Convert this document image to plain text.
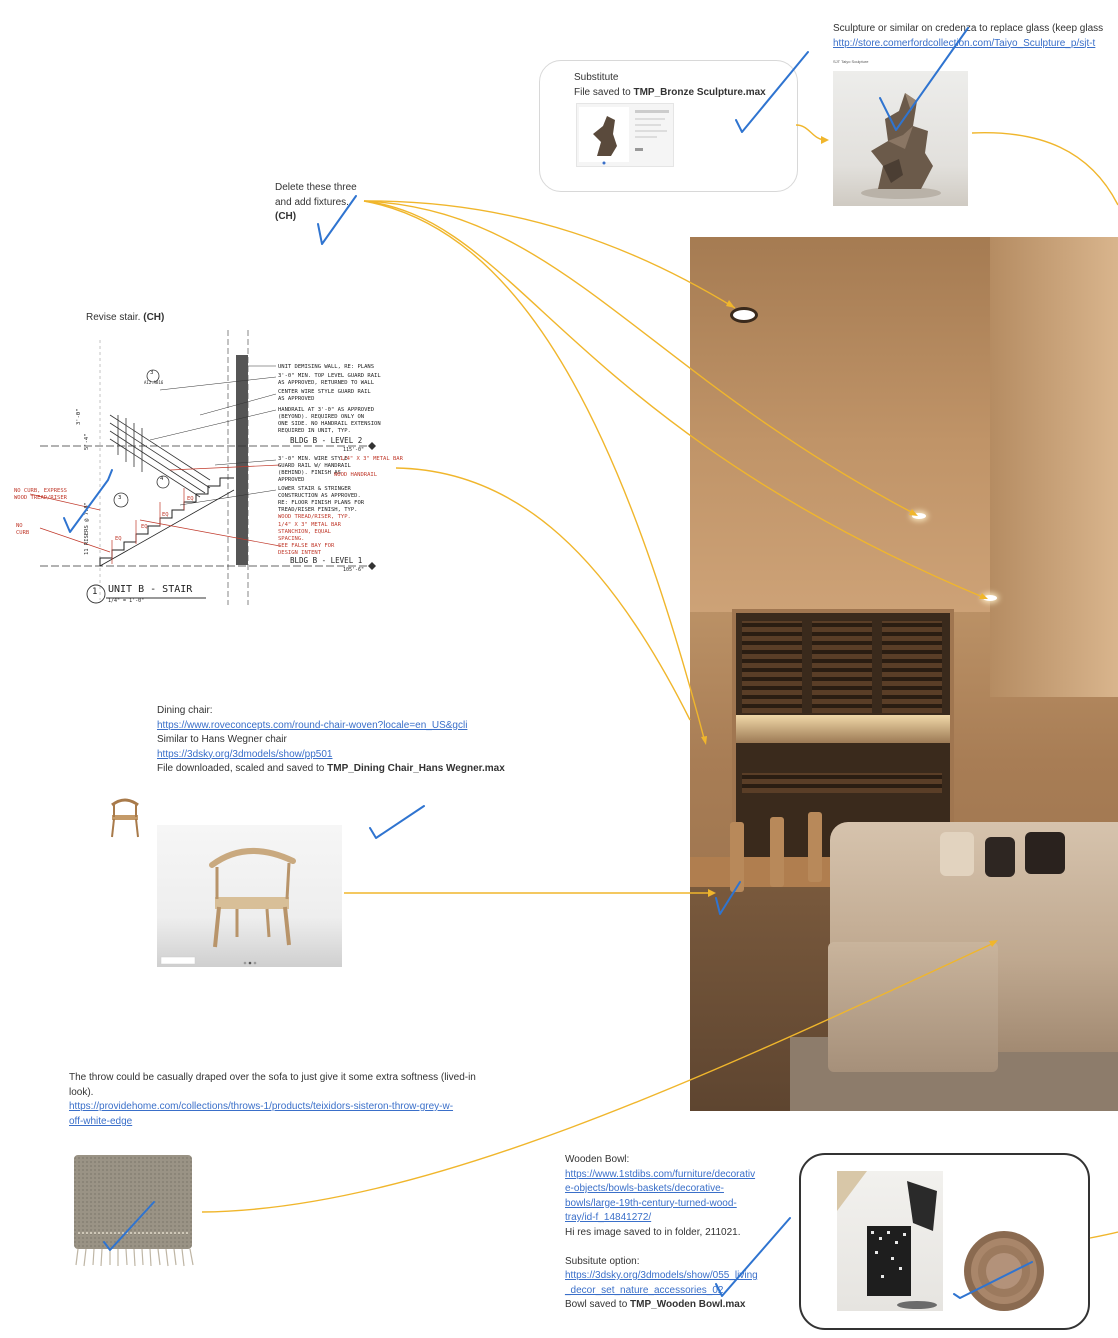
Sculpture or similar on credenza to replace glass (keep glass
http://store.comerfordcollection.com/Taiyo_Sculpture_p/sjt-t
SJT Taiyo Sculpture
Substitute
File saved to TMP_Bronze Sculpture.max
Delete these three
and add fixtures.
(CH)
Revise stair. (CH)
3
A12.AB16
3
4
EQ
EQ
EQ
EQ
5'-4"
3'-0"
11 RISERS @ 7.8"
UNIT DEMISING WALL, RE: PLANS
3'-0" MIN. TOP LEVEL GUARD RAIL
AS APPROVED, RETURNED TO WALL
CENTER WIRE STYLE GUARD RAIL
AS APPROVED
HANDRAIL AT 3'-0" AS APPROVED
(BEYOND). REQUIRED ONLY ON
ONE SIDE. NO HANDRAIL EXTENSION
REQUIRED IN UNIT, TYP.
3'-0" MIN. WIRE STYLE
GUARD RAIL W/ HANDRAIL
(BEHIND). FINISH AS
APPROVED
LOWER STAIR & STRINGER
CONSTRUCTION AS APPROVED.
RE: FLOOR FINISH PLANS FOR
TREAD/RISER FINISH, TYP.
1/4" X 3" METAL BAR
WOOD HANDRAIL
WOOD TREAD/RISER, TYP.
1/4" X 3" METAL BAR
STANCHION, EQUAL
SPACING.
SEE FALSE BAY FOR
DESIGN INTENT
NO CURB, EXPRESS
WOOD TREAD/RISER
NO
CURB
BLDG B - LEVEL 2
115'-0"
BLDG B - LEVEL 1
105'-6"
1 UNIT B - STAIR
1/4" = 1'-0"
Dining chair:
https://www.roveconcepts.com/round-chair-woven?locale=en_US&gcli
Similar to Hans Wegner chair
https://3dsky.org/3dmodels/show/pp501
File downloaded, scaled and saved to TMP_Dining Chair_Hans Wegner.max
The throw could be casually draped over the sofa to just give it some extra softness (lived-in
look).
https://providehome.com/collections/throws-1/products/teixidors-sisteron-throw-grey-w-
off-white-edge
Wooden Bowl:
https://www.1stdibs.com/furniture/decorativ
e-objects/bowls-baskets/decorative-
bowls/large-19th-century-turned-wood-
tray/id-f_14841272/
Hi res image saved to in folder, 211021.
Subsitute option:
https://3dsky.org/3dmodels/show/055_living
_decor_set_nature_accessories_02
Bowl saved to TMP_Wooden Bowl.max
